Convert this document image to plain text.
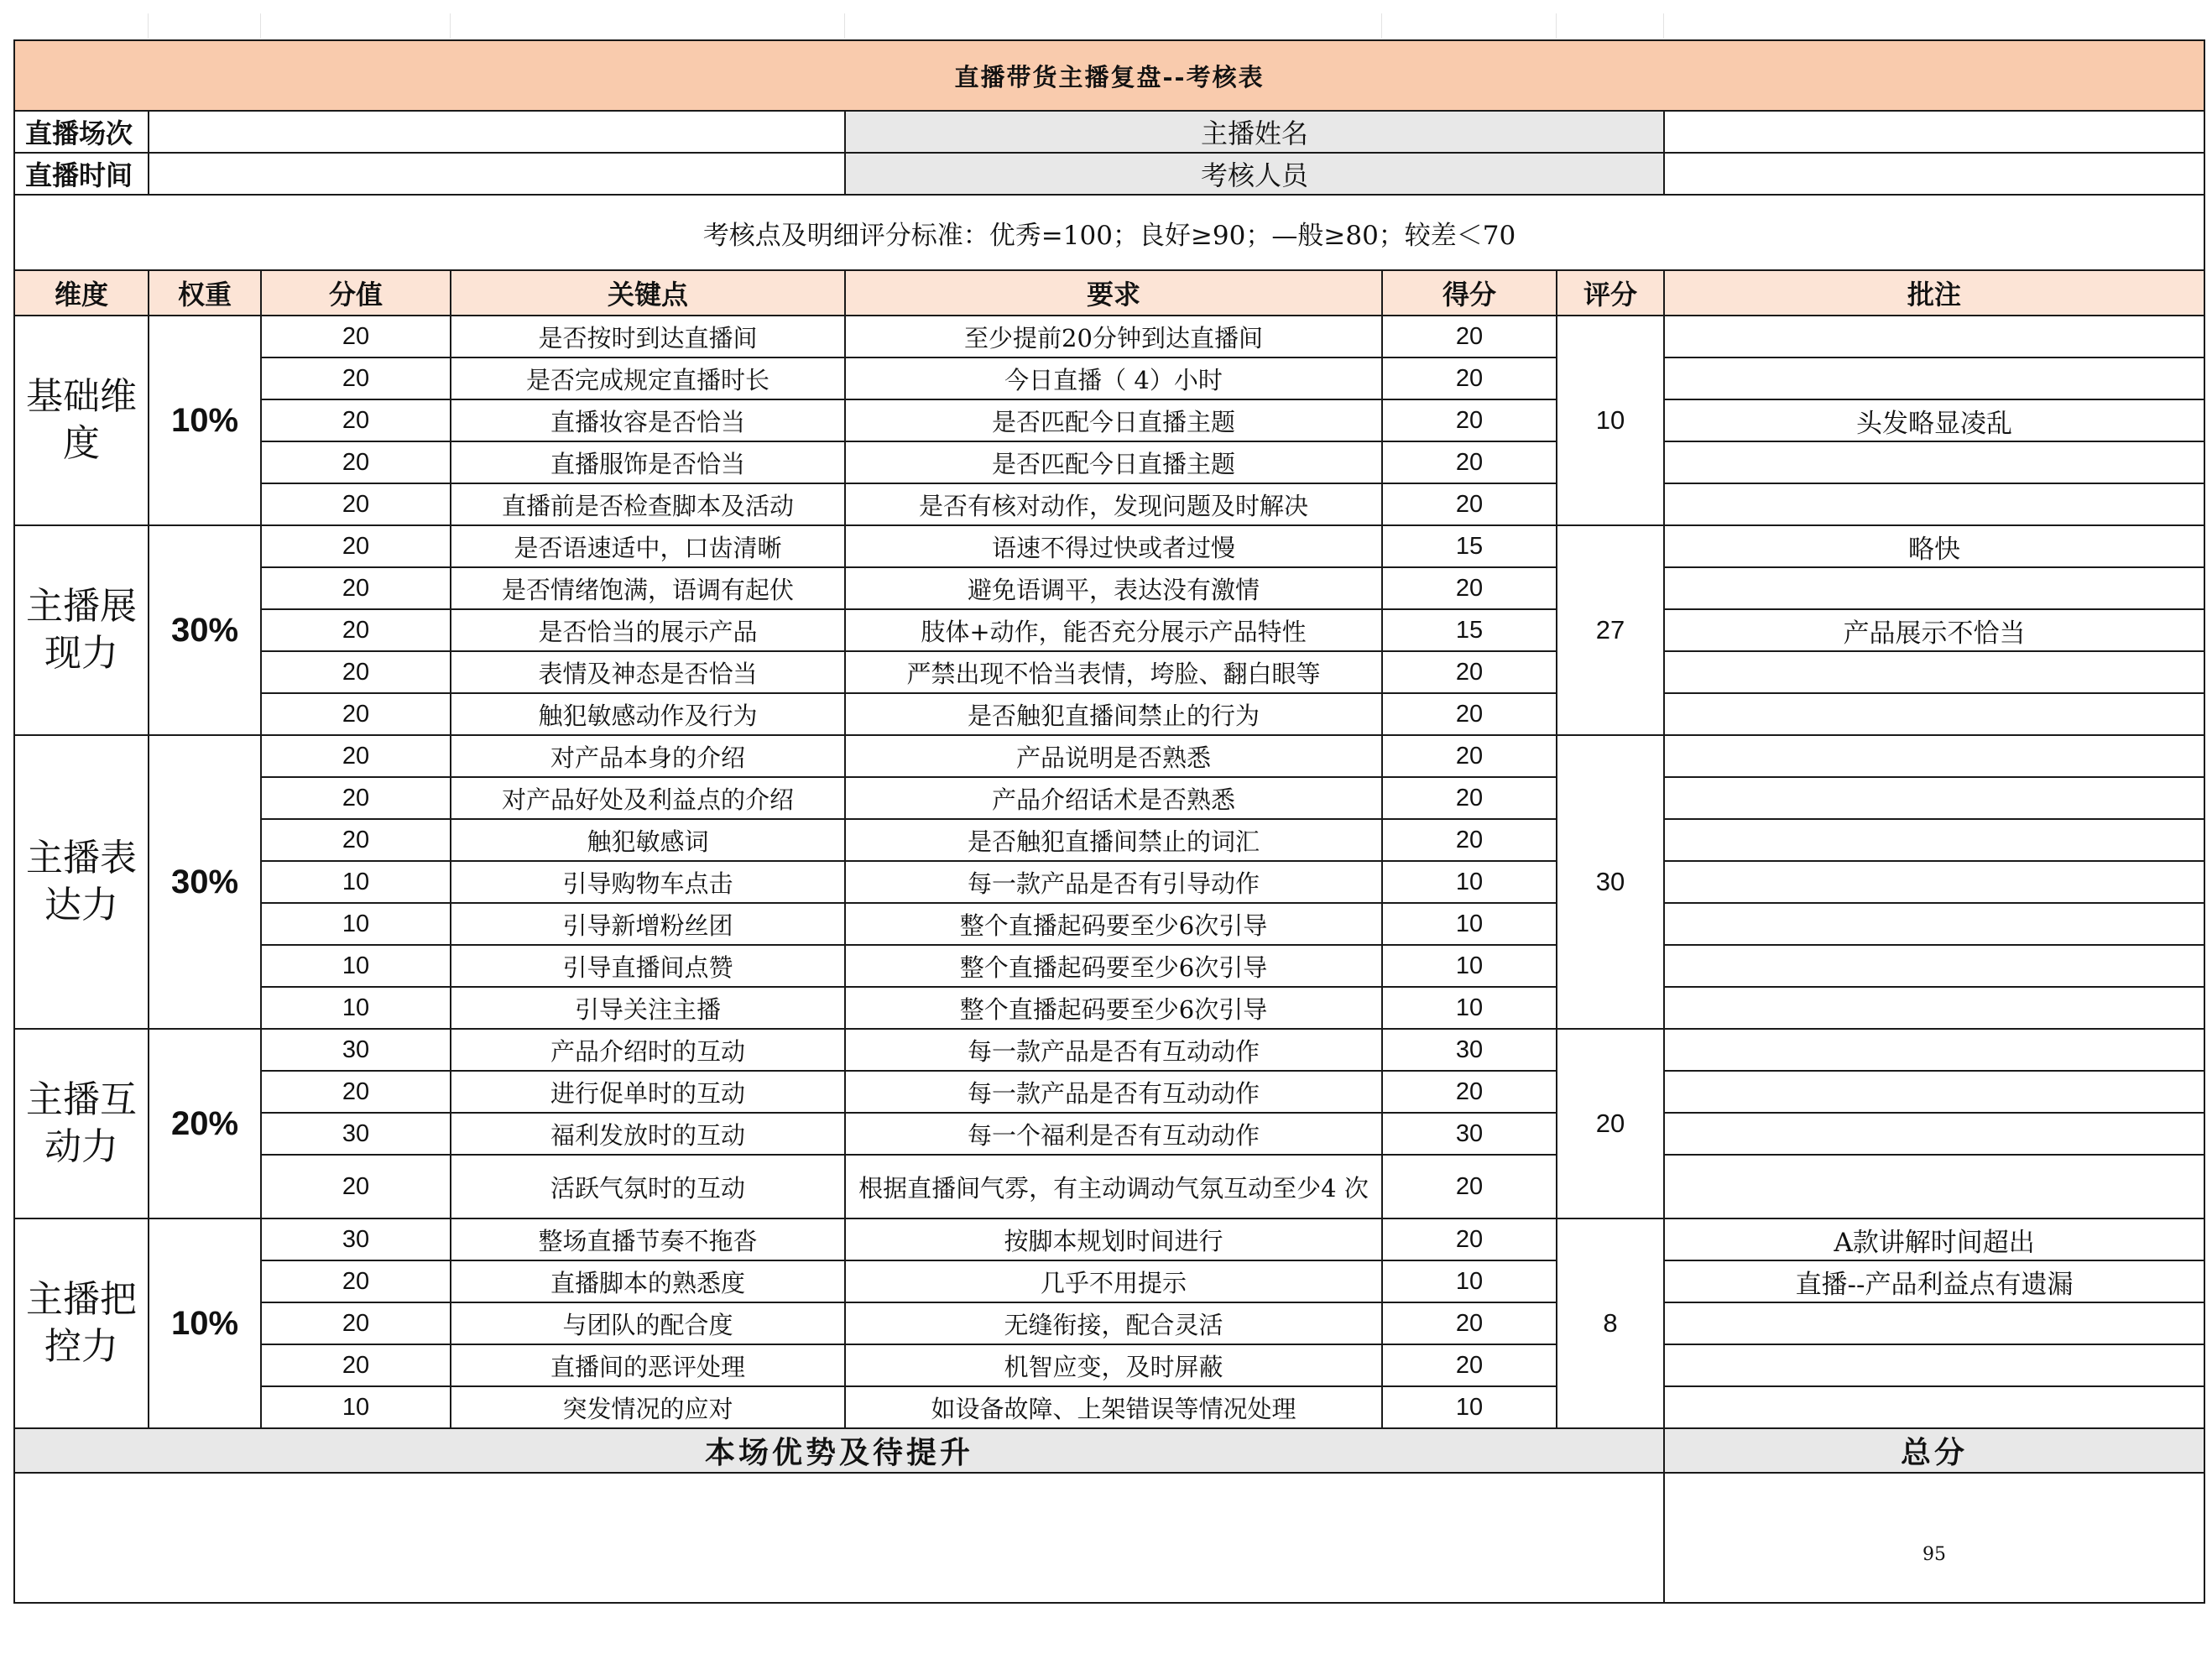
直播带货主播复盘--考核表							
直播场次				主播姓名			
直播时间				考核人员			
考核点及明细评分标准：优秀=100；良好≥90；—般≥80；较差＜70							
维度	权重	分值	关键点	要求	得分	评分	批注
基础维度	10%	20	是否按时到达直播间	至少提前20分钟到达直播间	20	10	
		20	是否完成规定直播时长	今日直播（ 4）小时	20		
		20	直播妆容是否恰当	是否匹配今日直播主题	20		头发略显凌乱
		20	直播服饰是否恰当	是否匹配今日直播主题	20		
		20	直播前是否检查脚本及活动	是否有核对动作，发现问题及时解决	20		
主播展现力	30%	20	是否语速适中，口齿清晰	语速不得过快或者过慢	15	27	略快
		20	是否情绪饱满，语调有起伏	避免语调平，表达没有激情	20		
		20	是否恰当的展示产品	肢体+动作，能否充分展示产品特性	15		产品展示不恰当
		20	表情及神态是否恰当	严禁出现不恰当表情，垮脸、翻白眼等	20		
		20	触犯敏感动作及行为	是否触犯直播间禁止的行为	20		
主播表达力	30%	20	对产品本身的介绍	产品说明是否熟悉	20	30	
		20	对产品好处及利益点的介绍	产品介绍话术是否熟悉	20		
		20	触犯敏感词	是否触犯直播间禁止的词汇	20		
		10	引导购物车点击	每一款产品是否有引导动作	10		
		10	引导新增粉丝团	整个直播起码要至少6次引导	10		
		10	引导直播间点赞	整个直播起码要至少6次引导	10		
		10	引导关注主播	整个直播起码要至少6次引导	10		
主播互动力	20%	30	产品介绍时的互动	每一款产品是否有互动动作	30	20	
		20	进行促单时的互动	每一款产品是否有互动动作	20		
		30	福利发放时的互动	每一个福利是否有互动动作	30		
		20	活跃气氛时的互动	根据直播间气雰，有主动调动气氛互动至少4 次	20		
主播把控力	10%	30	整场直播节奏不拖沓	按脚本规划时间进行	20	8	A款讲解时间超出
		20	直播脚本的熟悉度	几乎不用提示	10		直播--产品利益点有遗漏
		20	与团队的配合度	无缝衔接，配合灵活	20		
		20	直播间的恶评处理	机智应变，及时屏蔽	20		
		10	突发情况的应对	如设备故障、上架错误等情况处理	10		
本场优势及待提升							总分
							95
